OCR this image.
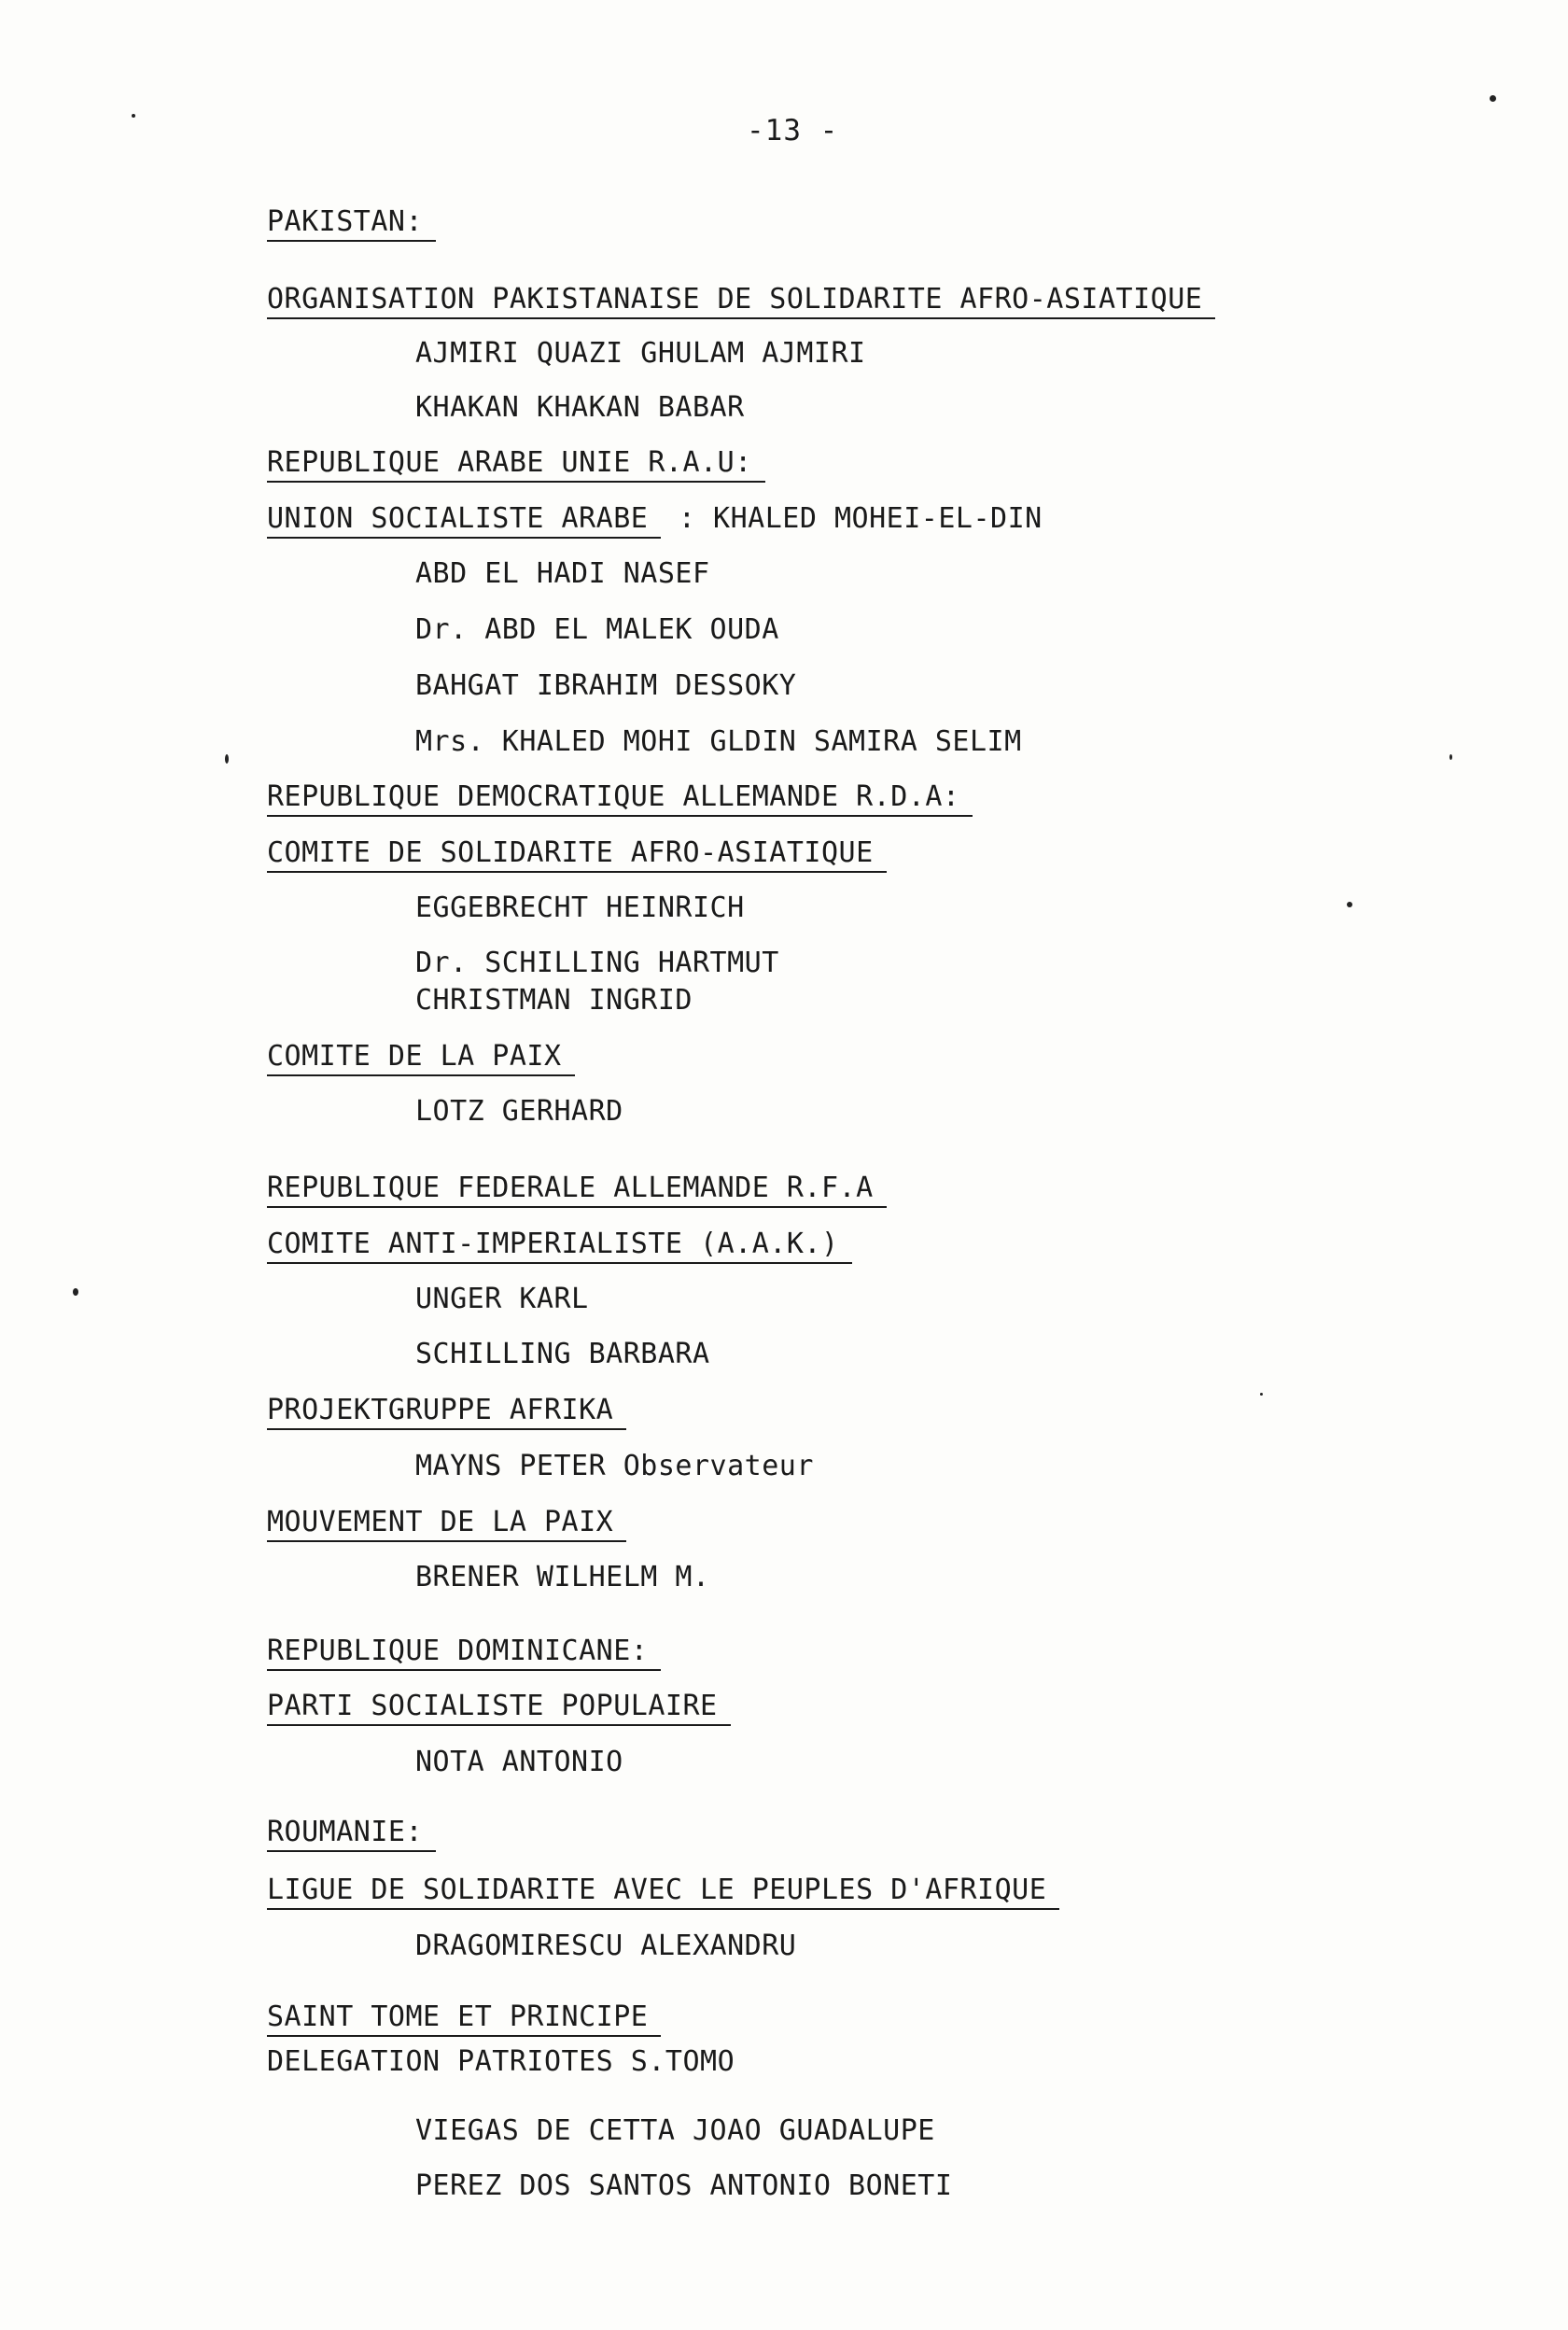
-13 -
PAKISTAN:
ORGANISATION PAKISTANAISE DE SOLIDARITE AFRO-ASIATIQUE
AJMIRI QUAZI GHULAM AJMIRI
KHAKAN KHAKAN BABAR
REPUBLIQUE ARABE UNIE R.A.U:
UNION SOCIALISTE ARABE : KHALED MOHEI-EL-DIN
ABD EL HADI NASEF
Dr. ABD EL MALEK OUDA
BAHGAT IBRAHIM DESSOKY
Mrs. KHALED MOHI GLDIN SAMIRA SELIM
REPUBLIQUE DEMOCRATIQUE ALLEMANDE R.D.A:
COMITE DE SOLIDARITE AFRO-ASIATIQUE
EGGEBRECHT HEINRICH
Dr. SCHILLING HARTMUT
CHRISTMAN INGRID
COMITE DE LA PAIX
LOTZ GERHARD
REPUBLIQUE FEDERALE ALLEMANDE R.F.A
COMITE ANTI-IMPERIALISTE (A.A.K.)
UNGER KARL
SCHILLING BARBARA
PROJEKTGRUPPE AFRIKA
MAYNS PETER Observateur
MOUVEMENT DE LA PAIX
BRENER WILHELM M.
REPUBLIQUE DOMINICANE:
PARTI SOCIALISTE POPULAIRE
NOTA ANTONIO
ROUMANIE:
LIGUE DE SOLIDARITE AVEC LE PEUPLES D'AFRIQUE
DRAGOMIRESCU ALEXANDRU
SAINT TOME ET PRINCIPE
DELEGATION PATRIOTES S.TOMO
VIEGAS DE CETTA JOAO GUADALUPE
PEREZ DOS SANTOS ANTONIO BONETI
